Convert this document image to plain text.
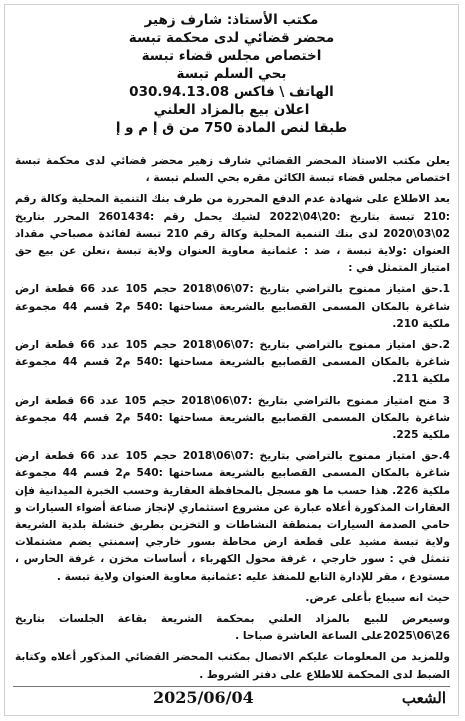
مكتب الأستاذ: شارف زهير

محضر قضائي لدى محكمة تبسة

اختصاص مجلس قضاء تبسة

بحي السلم تبسة

الهاتف \ فاكس 030.94.13.08

اعلان بيع بالمزاد العلني

طبقا لنص المادة 750 من ق إ م و إ

يعلن مكتب الاستاذ المحضر القضائي شارف زهير محضر قضائي لدى محكمة تبسة اختصاص مجلس قضاء تبسة الكائن مقره بحي السلم تبسة ،

بعد الاطلاع على شهادة عدم الدفع المحررة من طرف بنك التنمية المحلية وكالة رقم :210 تبسة بتاريخ :20\04\2022 لشيك يحمل رقم :2601434 المحرر بتاريخ 02\03\2020 لدى بنك التنمية المحلية وكالة رقم 210 تبسة لفائدة مصباحي مقداد العنوان :ولاية تبسة ، ضد : عثمانية معاوية العنوان ولاية تبسة ،نعلن عن بيع حق امتياز المتمثل في :

1.حق امتياز ممنوح بالتراضي بتاريخ :07\06\2018 حجم 105 عدد 66 قطعة ارض شاغرة بالمكان المسمى القصابيع بالشريعة مساحتها :540 م2 قسم 44 مجموعة ملكية 210.

2.حق امتياز ممنوح بالتراضي بتاريخ :07\06\2018 حجم 105 عدد 66 قطعة ارض شاغرة بالمكان المسمى القصابيع بالشريعة مساحتها :540 م2 قسم 44 مجموعة ملكية 211.

3 منح امتياز ممنوح بالتراضي بتاريخ :07\06\2018 حجم 105 عدد 66 قطعة ارض شاغرة بالمكان المسمى القصابيع بالشريعة مساحتها :540 م2 قسم 44 مجموعة ملكية 225.

4.حق امتياز ممنوح بالتراضي بتاريخ :07\06\2018 حجم 105 عدد 66 قطعة ارض شاغرة بالمكان المسمى القصابيع بالشريعة مساحتها :540 م2 قسم 44 مجموعة ملكية 226. هذا حسب ما هو مسجل بالمحافظة العقارية وحسب الخبرة الميدانية فإن العقارات المذكورة أعلاه عبارة عن مشروع استثماري لإنجاز صناعة أضواء السيارات و حامي الصدمة السيارات بمنطقة النشاطات و التخزين بطريق خنشلة بلدية الشريعة ولاية تبسة مشيد على قطعة ارض محاطة بسور خارجي إسمنتي يضم مشتملات تتمثل في : سور خارجي ، غرفة محول الكهرباء ، أساسات مخزن ، غرفة الحارس ، مستودع ، مقر للإدارة التابع للمنفذ عليه :عثمانية معاوية العنوان ولاية تبسة .

حيث انه سيباع بأعلى عرض.

وسيعرض للبيع بالمزاد العلني بمحكمة الشريعة بقاعة الجلسات بتاريخ 26\06\2025على الساعة العاشرة صباحا .

وللمزيد من المعلومات عليكم الاتصال بمكتب المحضر القضائي المذكور أعلاه وكتابة الضبط لدى المحكمة للاطلاع على دفتر الشروط .

الشعب
2025/06/04
